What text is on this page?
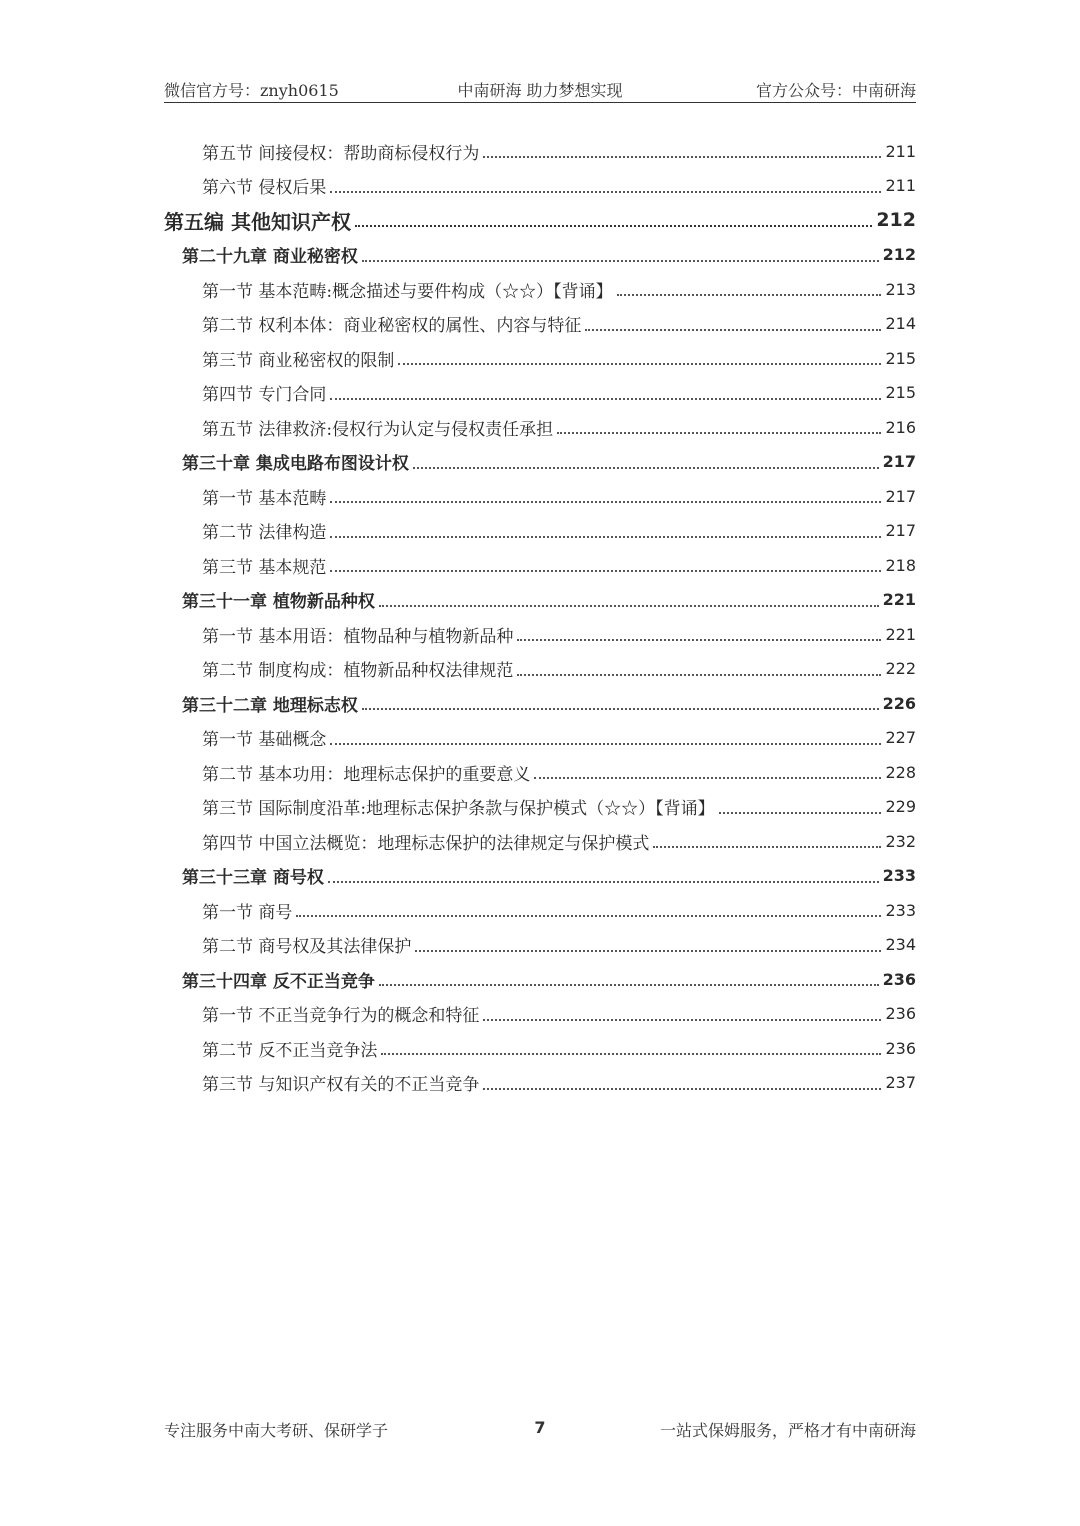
微信官方号：znyh0615	中南研海 助力梦想实现	官方公众号：中南研海
第五节 间接侵权：帮助商标侵权行为	211
第六节 侵权后果	211
第五编 其他知识产权	212
第二十九章 商业秘密权	212
第一节 基本范畴:概念描述与要件构成（☆☆）【背诵】	213
第二节 权利本体：商业秘密权的属性、内容与特征	214
第三节 商业秘密权的限制	215
第四节 专门合同	215
第五节 法律救济:侵权行为认定与侵权责任承担	216
第三十章 集成电路布图设计权	217
第一节 基本范畴	217
第二节 法律构造	217
第三节 基本规范	218
第三十一章 植物新品种权	221
第一节 基本用语：植物品种与植物新品种	221
第二节 制度构成：植物新品种权法律规范	222
第三十二章 地理标志权	226
第一节 基础概念	227
第二节 基本功用：地理标志保护的重要意义	228
第三节 国际制度沿革:地理标志保护条款与保护模式（☆☆）【背诵】	229
第四节 中国立法概览：地理标志保护的法律规定与保护模式	232
第三十三章 商号权	233
第一节 商号	233
第二节 商号权及其法律保护	234
第三十四章 反不正当竞争	236
第一节 不正当竞争行为的概念和特征	236
第二节 反不正当竞争法	236
第三节 与知识产权有关的不正当竞争	237
专注服务中南大考研、保研学子	7	一站式保姆服务，严格才有中南研海
